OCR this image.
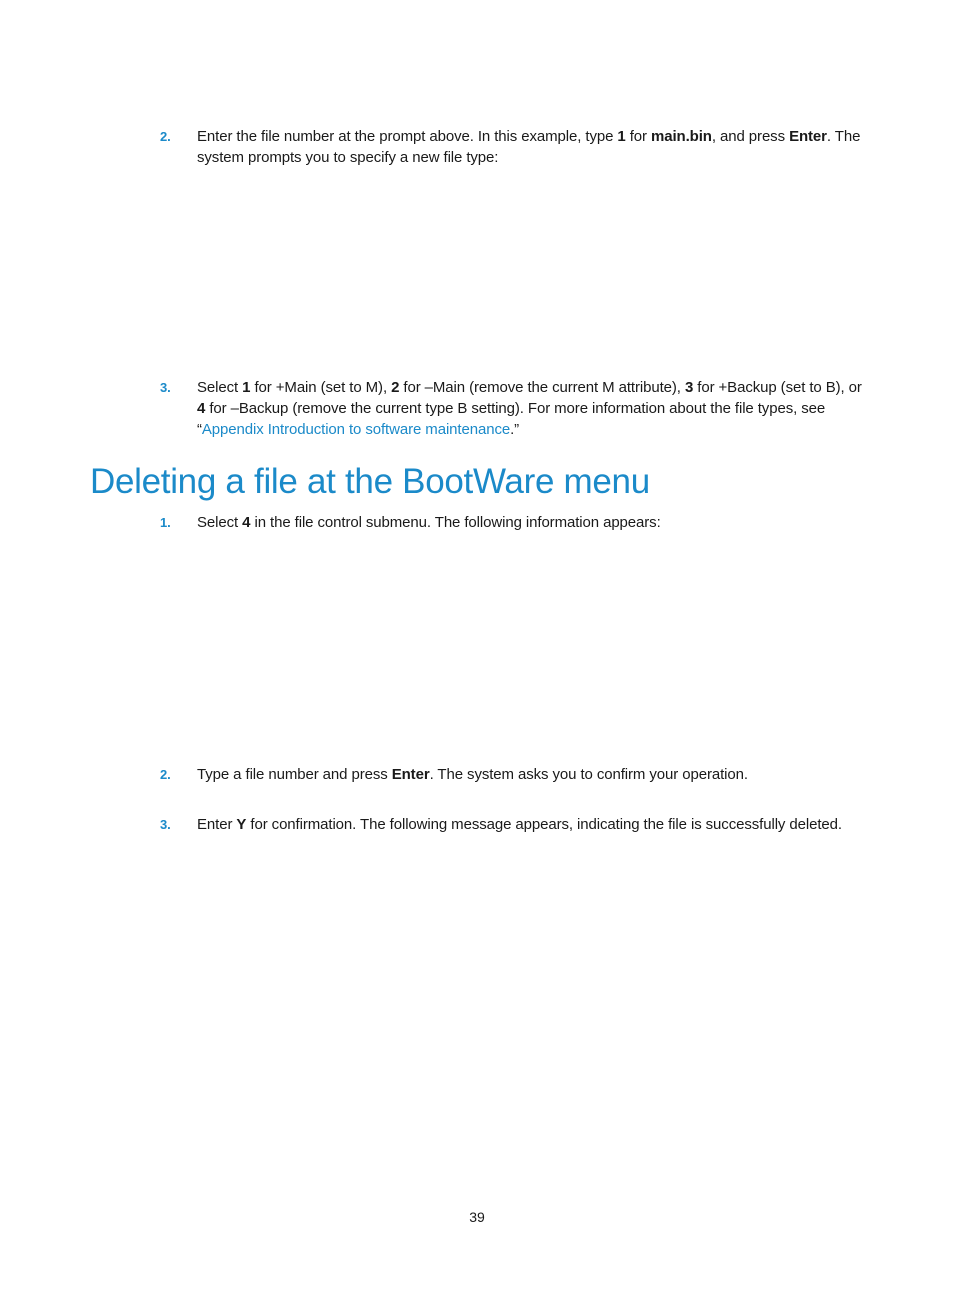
2. Enter the file number at the prompt above. In this example, type 1 for main.bin, and press Enter. The system prompts you to specify a new file type:
3. Select 1 for +Main (set to M), 2 for –Main (remove the current M attribute), 3 for +Backup (set to B), or 4 for –Backup (remove the current type B setting). For more information about the file types, see “Appendix Introduction to software maintenance.”
Deleting a file at the BootWare menu
1. Select 4 in the file control submenu. The following information appears:
2. Type a file number and press Enter. The system asks you to confirm your operation.
3. Enter Y for confirmation. The following message appears, indicating the file is successfully deleted.
39
